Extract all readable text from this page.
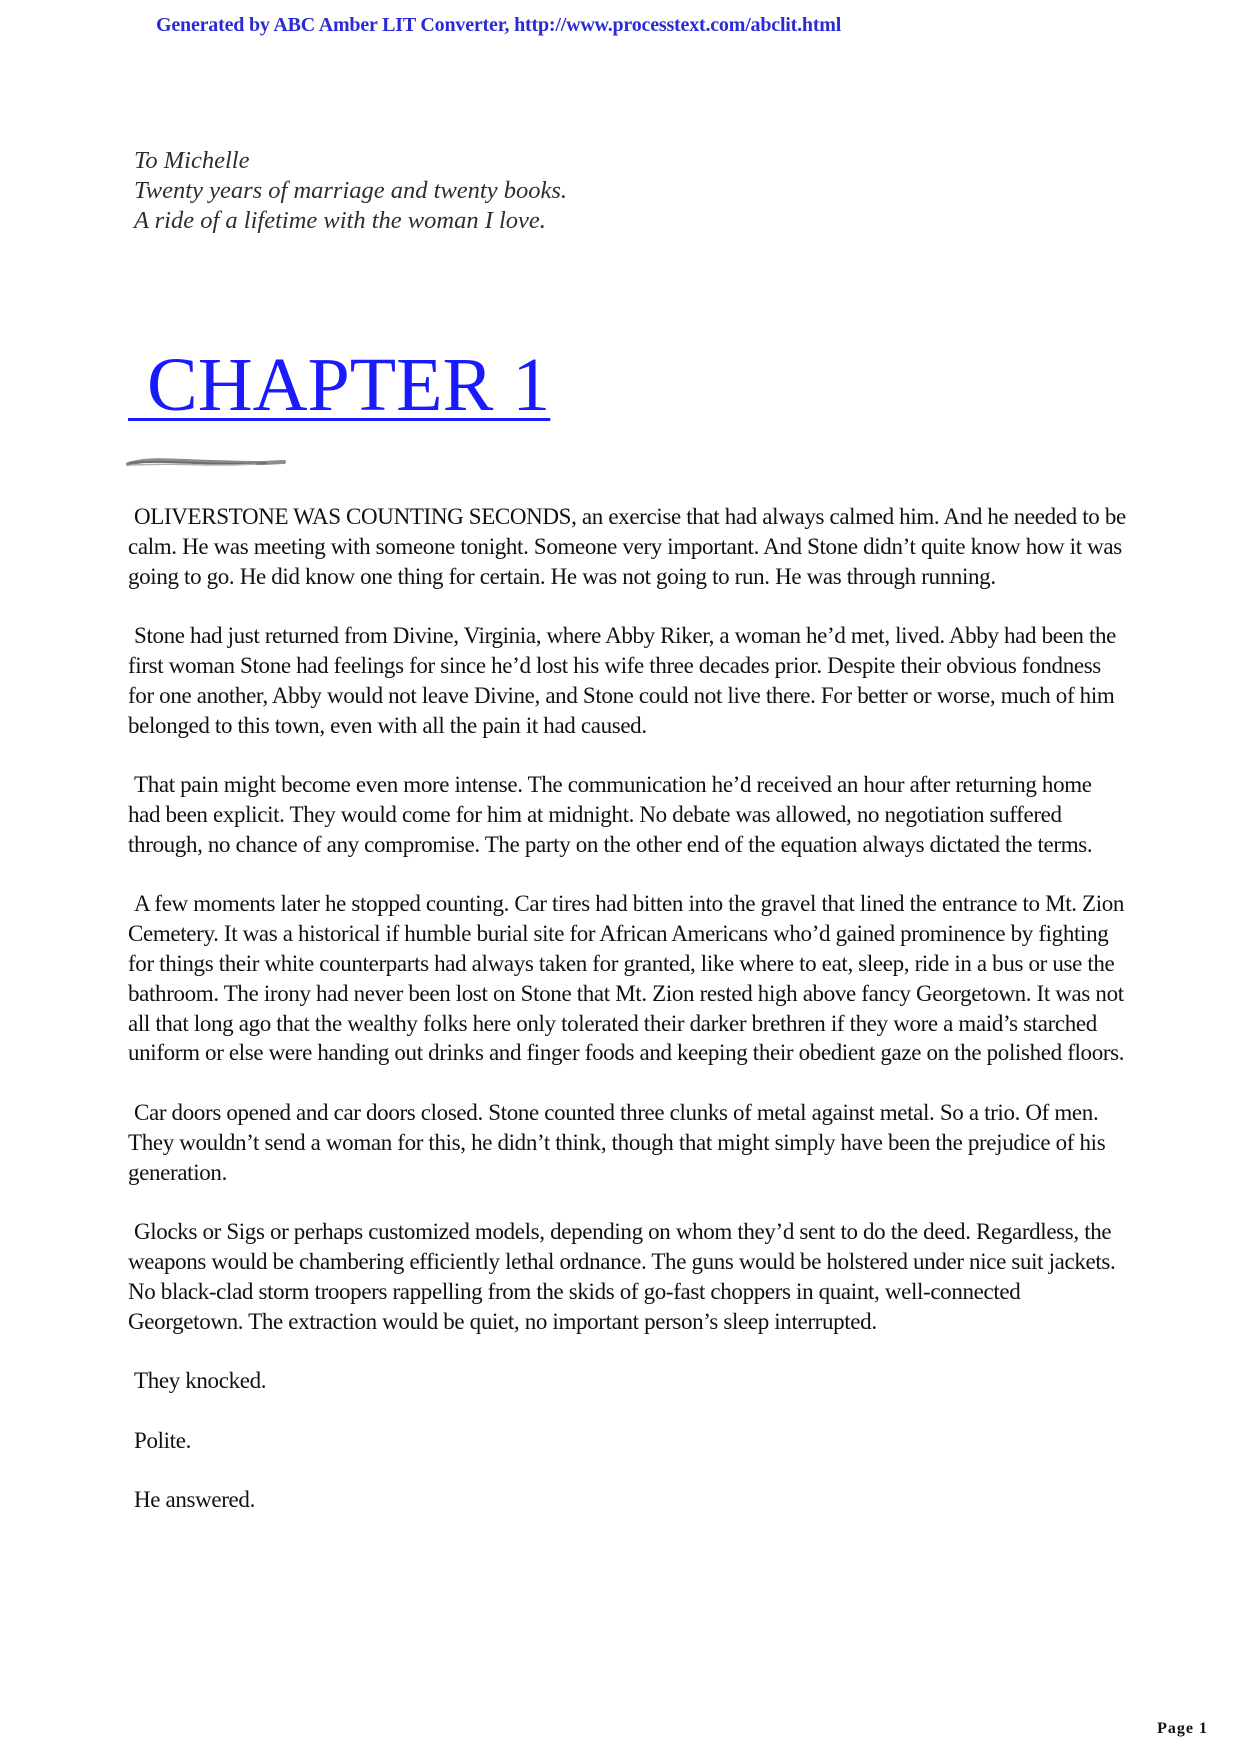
Generated by ABC Amber LIT Converter, http://www.processtext.com/abclit.html
To Michelle
Twenty years of marriage and twenty books.
A ride of a lifetime with the woman I love.
CHAPTER 1

OLIVERSTONE WAS COUNTING SECONDS, an exercise that had always calmed him. And he needed to be calm. He was meeting with someone tonight. Someone very important. And Stone didn’t quite know how it was going to go. He did know one thing for certain. He was not going to run. He was through running.

Stone had just returned from Divine, Virginia, where Abby Riker, a woman he’d met, lived. Abby had been the first woman Stone had feelings for since he’d lost his wife three decades prior. Despite their obvious fondness for one another, Abby would not leave Divine, and Stone could not live there. For better or worse, much of him belonged to this town, even with all the pain it had caused.

That pain might become even more intense. The communication he’d received an hour after returning home had been explicit. They would come for him at midnight. No debate was allowed, no negotiation suffered through, no chance of any compromise. The party on the other end of the equation always dictated the terms.

A few moments later he stopped counting. Car tires had bitten into the gravel that lined the entrance to Mt. Zion Cemetery. It was a historical if humble burial site for African Americans who’d gained prominence by fighting for things their white counterparts had always taken for granted, like where to eat, sleep, ride in a bus or use the bathroom. The irony had never been lost on Stone that Mt. Zion rested high above fancy Georgetown. It was not all that long ago that the wealthy folks here only tolerated their darker brethren if they wore a maid’s starched uniform or else were handing out drinks and finger foods and keeping their obedient gaze on the polished floors.

Car doors opened and car doors closed. Stone counted three clunks of metal against metal. So a trio. Of men. They wouldn’t send a woman for this, he didn’t think, though that might simply have been the prejudice of his generation.

Glocks or Sigs or perhaps customized models, depending on whom they’d sent to do the deed. Regardless, the weapons would be chambering efficiently lethal ordnance. The guns would be holstered under nice suit jackets. No black-clad storm troopers rappelling from the skids of go-fast choppers in quaint, well-connected Georgetown. The extraction would be quiet, no important person’s sleep interrupted.

They knocked.

Polite.

He answered.

Page 1
